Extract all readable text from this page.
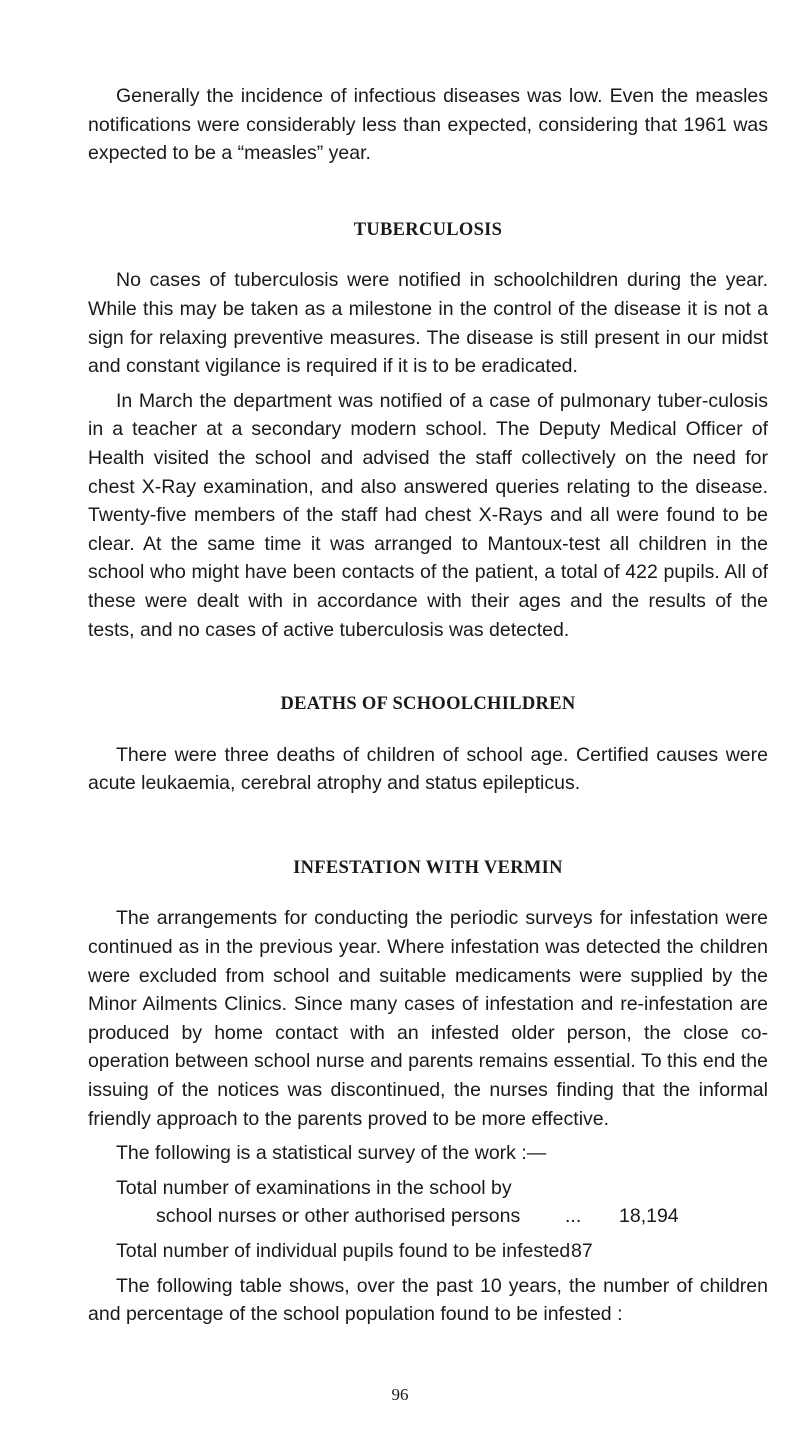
Generally the incidence of infectious diseases was low. Even the measles notifications were considerably less than expected, considering that 1961 was expected to be a “measles” year.

TUBERCULOSIS

No cases of tuberculosis were notified in schoolchildren during the year. While this may be taken as a milestone in the control of the disease it is not a sign for relaxing preventive measures. The disease is still present in our midst and constant vigilance is required if it is to be eradicated.

In March the department was notified of a case of pulmonary tuber-culosis in a teacher at a secondary modern school. The Deputy Medical Officer of Health visited the school and advised the staff collectively on the need for chest X-Ray examination, and also answered queries relating to the disease. Twenty-five members of the staff had chest X-Rays and all were found to be clear. At the same time it was arranged to Mantoux-test all children in the school who might have been contacts of the patient, a total of 422 pupils. All of these were dealt with in accordance with their ages and the results of the tests, and no cases of active tuberculosis was detected.

DEATHS OF SCHOOLCHILDREN

There were three deaths of children of school age. Certified causes were acute leukaemia, cerebral atrophy and status epilepticus.

INFESTATION WITH VERMIN

The arrangements for conducting the periodic surveys for infestation were continued as in the previous year. Where infestation was detected the children were excluded from school and suitable medicaments were supplied by the Minor Ailments Clinics. Since many cases of infestation and re-infestation are produced by home contact with an infested older person, the close co-operation between school nurse and parents remains essential. To this end the issuing of the notices was discontinued, the nurses finding that the informal friendly approach to the parents proved to be more effective.

The following is a statistical survey of the work :—

Total number of examinations in the school by
school nurses or other authorised persons	...	18,194
Total number of individual pupils found to be infested 87

The following table shows, over the past 10 years, the number of children and percentage of the school population found to be infested :

96
